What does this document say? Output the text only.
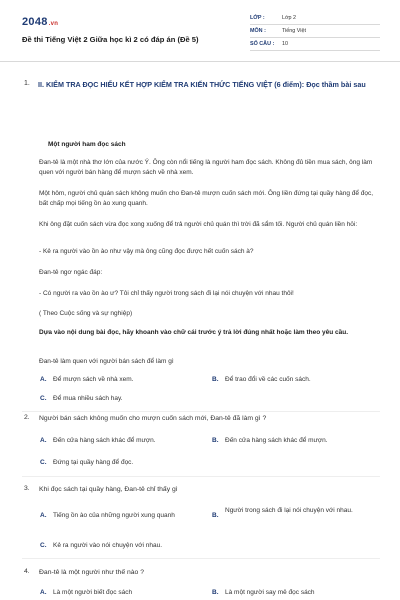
2048.vn
Đề thi Tiếng Việt 2 Giữa học kì 2 có đáp án (Đề 5)
LỚP :	Lớp 2
MÔN :	Tiếng Việt
SỐ CÂU :	10
1.	II. KIỂM TRA ĐỌC HIỂU KẾT HỢP KIỂM TRA KIẾN THỨC TIẾNG VIỆT (6 điểm): Đọc thầm bài sau
Một người ham đọc sách
Đan-tê là một nhà thơ lớn của nước Ý. Ông còn nổi tiếng là người ham đọc sách. Không đủ tiền mua sách, ông làm quen với người bán hàng để mượn sách về nhà xem.
Một hôm, người chủ quán sách không muốn cho Đan-tê mượn cuốn sách mới. Ông liền đứng tại quầy hàng để đọc, bất chấp mọi tiếng ồn ào xung quanh.
Khi ông đặt cuốn sách vừa đọc xong xuống để trả người chủ quán thì trời đã sẩm tối. Người chủ quán liền hỏi:
- Kẻ ra người vào ồn ào như vậy mà ông cũng đọc được hết cuốn sách à?
Đan-tê ngơ ngác đáp:
- Có người ra vào ồn ào ư? Tôi chỉ thấy người trong sách đi lại nói chuyện với nhau thôi!
( Theo Cuộc sống và sự nghiệp)
Dựa vào nội dung bài đọc, hãy khoanh vào chữ cái trước ý trả lời đúng nhất hoặc làm theo yêu cầu.
Đan-tê làm quen với người bán sách để làm gì
A.	Để mượn sách về nhà xem.	B.	Để trao đổi về các cuốn sách.
C.	Để mua nhiều sách hay.
2. Người bán sách không muốn cho mượn cuốn sách mới, Đan-tê đã làm gì ?
A.	Đến cửa hàng sách khác để mượn.	B.	Đến cửa hàng sách khác để mượn.
C.	Đứng tại quầy hàng để đọc.
3. Khi đọc sách tại quầy hàng, Đan-tê chỉ thấy gì
A.	Tiếng ồn ào của những người xung quanh	B.
Người trong sách đi lại nói chuyện với nhau.
C.	Kẻ ra người vào nói chuyện với nhau.
4. Đan-tê là một người như thế nào ?
A.	Là một người biết đọc sách	B.	Là một người say mê đọc sách
